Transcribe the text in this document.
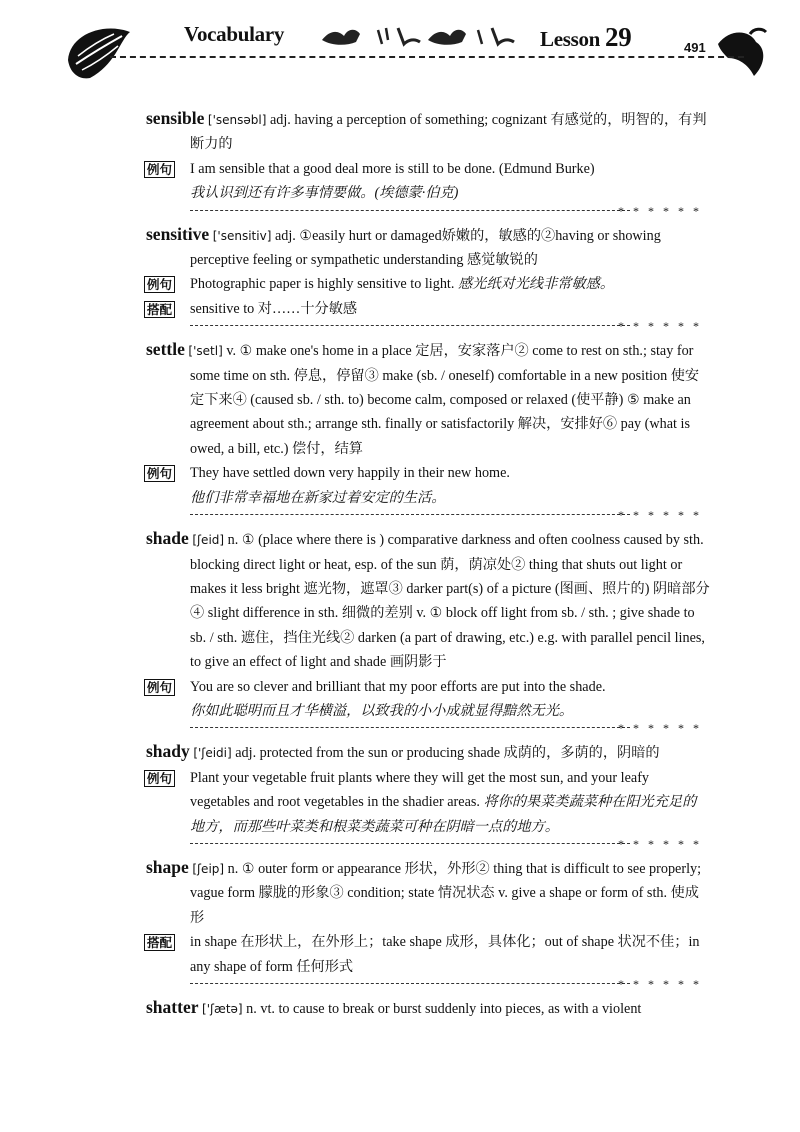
Vocabulary	Lesson 29	491
sensible ['sensəbl] adj. having a perception of something; cognizant 有感觉的，明智的，有判断力的
例句 I am sensible that a good deal more is still to be done. (Edmund Burke)
我认识到还有许多事情要做。(埃德蒙·伯克)
* * * * * *
sensitive ['sensitiv] adj. ①easily hurt or damaged娇嫩的，敏感的②having or showing perceptive feeling or sympathetic understanding 感觉敏锐的
例句 Photographic paper is highly sensitive to light. 感光纸对光线非常敏感。
搭配 sensitive to 对……十分敏感
* * * * * *
settle ['setl] v. ① make one's home in a place 定居，安家落户② come to rest on sth.; stay for some time on sth. 停息，停留③ make (sb. / oneself) comfortable in a new position 使安定下来④ (caused sb. / sth. to) become calm, composed or relaxed (使平静) ⑤ make an agreement about sth.; arrange sth. finally or satisfactorily 解决，安排好⑥ pay (what is owed, a bill, etc.) 偿付，结算
例句 They have settled down very happily in their new home.
他们非常幸福地在新家过着安定的生活。
* * * * * *
shade [ʃeid] n. ① (place where there is ) comparative darkness and often coolness caused by sth. blocking direct light or heat, esp. of the sun 荫，荫凉处② thing that shuts out light or makes it less bright 遮光物，遮罩③ darker part(s) of a picture (图画、照片的) 阴暗部分④ slight difference in sth. 细微的差别 v. ① block off light from sb. / sth. ; give shade to sb. / sth. 遮住，挡住光线② darken (a part of drawing, etc.) e.g. with parallel pencil lines, to give an effect of light and shade 画阴影于
例句 You are so clever and brilliant that my poor efforts are put into the shade.
你如此聪明而且才华横溢，以致我的小小成就显得黯然无光。
* * * * * *
shady ['ʃeidi] adj. protected from the sun or producing shade 成荫的，多荫的，阴暗的
例句 Plant your vegetable fruit plants where they will get the most sun, and your leafy vegetables and root vegetables in the shadier areas. 将你的果菜类蔬菜种在阳光充足的地方，而那些叶菜类和根菜类蔬菜可种在阴暗一点的地方。
* * * * * *
shape [ʃeip] n. ① outer form or appearance 形状，外形② thing that is difficult to see properly; vague form 朦胧的形象③ condition; state 情况状态 v. give a shape or form of sth. 使成形
搭配 in shape 在形状上，在外形上；take shape 成形，具体化；out of shape 状况不佳；in any shape of form 任何形式
* * * * * *
shatter ['ʃætə] n. vt. to cause to break or burst suddenly into pieces, as with a violent
